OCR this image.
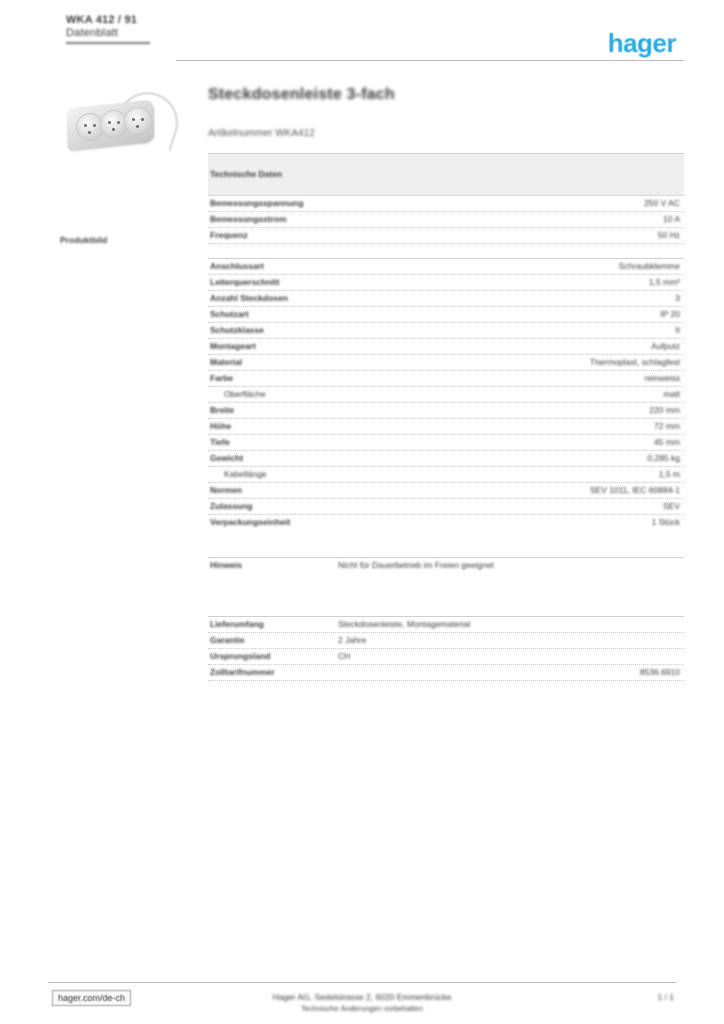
WKA 412 / 91
Datenblatt	hager
Produktbild
Steckdosenleiste 3-fach
Artikelnummer WKA412
Technische Daten
Bemessungsspannung	250 V AC
Bemessungsstrom	10 A
Frequenz	50 Hz
Anschlussart	Schraubklemme
Leiterquerschnitt	1,5 mm²
Anzahl Steckdosen	3
Schutzart	IP 20
Schutzklasse	II
Montageart	Aufputz
Material	Thermoplast, schlagfest
Farbe	reinweiss
Oberfläche	matt
Breite	220 mm
Höhe	72 mm
Tiefe	45 mm
Gewicht	0,285 kg
Kabellänge	1,5 m
Normen	SEV 1011, IEC 60884-1
Zulassung	SEV
Verpackungseinheit	1 Stück
Hinweis	Nicht für Dauerbetrieb im Freien geeignet
Lieferumfang	Steckdosenleiste, Montagematerial
Garantie	2 Jahre
Ursprungsland	CH
Zolltarifnummer	8536.6910
hager.com/de-ch	Hager AG, Sedelstrasse 2, 6020 Emmenbrücke
Technische Änderungen vorbehalten
1 / 1
